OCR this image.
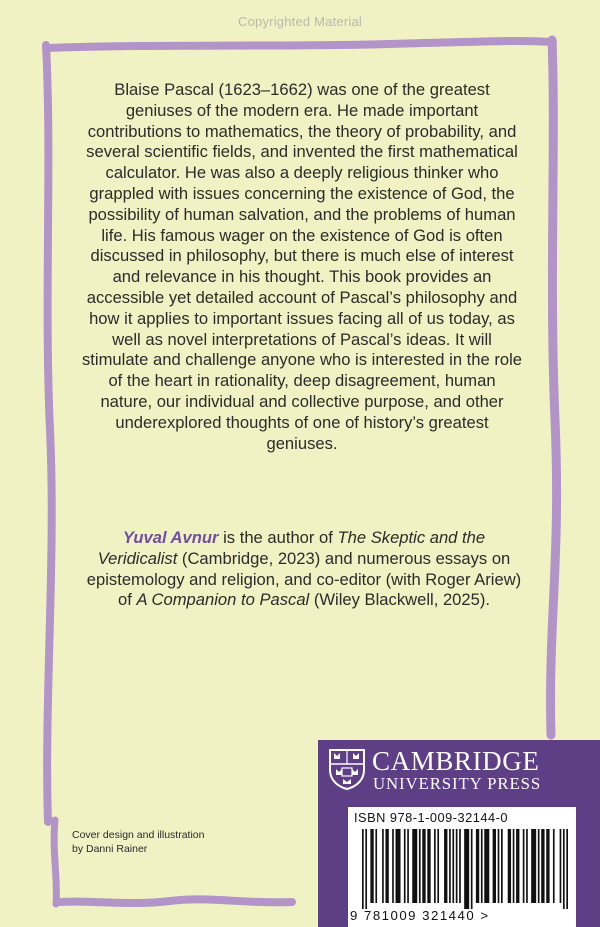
Copyrighted Material
Blaise Pascal (1623–1662) was one of the greatest geniuses of the modern era. He made important contributions to mathematics, the theory of probability, and several scientific fields, and invented the first mathematical calculator. He was also a deeply religious thinker who grappled with issues concerning the existence of God, the possibility of human salvation, and the problems of human life. His famous wager on the existence of God is often discussed in philosophy, but there is much else of interest and relevance in his thought. This book provides an accessible yet detailed account of Pascal’s philosophy and how it applies to important issues facing all of us today, as well as novel interpretations of Pascal’s ideas. It will stimulate and challenge anyone who is interested in the role of the heart in rationality, deep disagreement, human nature, our individual and collective purpose, and other underexplored thoughts of one of history’s greatest geniuses.
Yuval Avnur is the author of The Skeptic and the Veridicalist (Cambridge, 2023) and numerous essays on epistemology and religion, and co-editor (with Roger Ariew) of A Companion to Pascal (Wiley Blackwell, 2025).
Cover design and illustration
by Danni Rainer
CAMBRIDGE
UNIVERSITY PRESS
ISBN 978-1-009-32144-0
9 781009 321440 >
